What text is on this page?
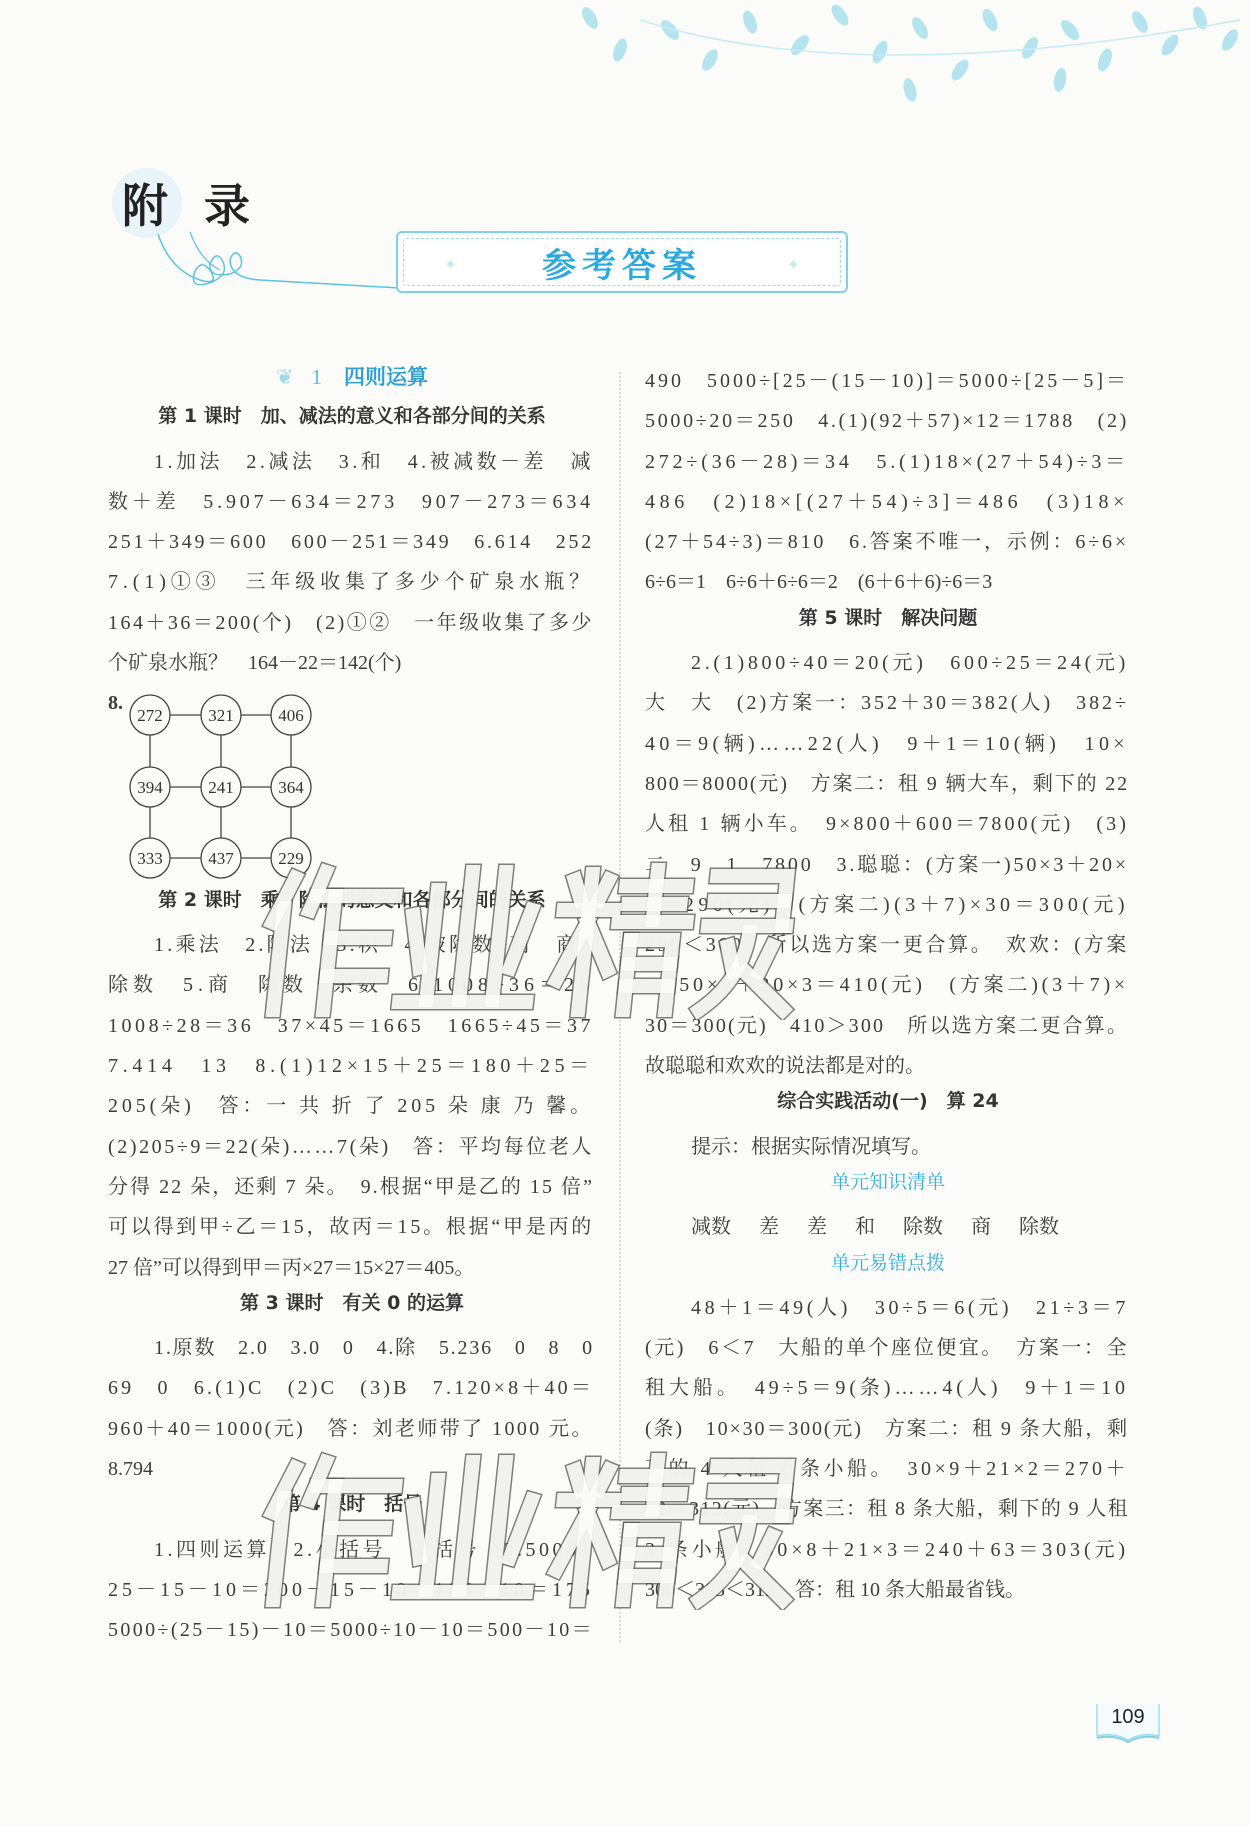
附 录
✦ 参考答案	✦
❦ 1 四则运算
第 1 课时　加、减法的意义和各部分间的关系
1.加法　2.减法　3.和　4.被减数－差　减
数＋差　5.907－634＝273　907－273＝634
251＋349＝600　600－251＝349　6.614　252
7.(1)①③　三年级收集了多少个矿泉水瓶？
164＋36＝200(个)　(2)①②　一年级收集了多少
个矿泉水瓶？　164－22＝142(个)
8.
272	321	406
394	241	364
333	437	229
第 2 课时　乘、除法的意义和各部分间的关系
1.乘法　2.除法　3.积　4.被除数÷商　商×
除数　5.商　除数　余数　6.1008÷36＝28
1008÷28＝36　37×45＝1665　1665÷45＝37
7.414　13　8.(1)12×15＋25＝180＋25＝
205(朵)　答：一 共 折 了 205 朵 康 乃 馨。
(2)205÷9＝22(朵)……7(朵)　答：平均每位老人
分得 22 朵，还剩 7 朵。　9.根据“甲是乙的 15 倍”
可以得到甲÷乙＝15，故丙＝15。根据“甲是丙的
27 倍”可以得到甲＝丙×27＝15×27＝405。
第 3 课时　有关 0 的运算
1.原数　2.0　3.0　0　4.除　5.236　0　8　0
69　0　6.(1)C　(2)C　(3)B　7.120×8＋40＝
960＋40＝1000(元)　答：刘老师带了 1000 元。
8.794
第 4 课时　括号
1.四则运算　2.小括号　中括号　3.5000÷
25－15－10＝200－15－10＝185－10＝175
5000÷(25－15)－10＝5000÷10－10＝500－10＝
490　5000÷[25－(15－10)]＝5000÷[25－5]＝
5000÷20＝250　4.(1)(92＋57)×12＝1788　(2)
272÷(36－28)＝34　5.(1)18×(27＋54)÷3＝
486　(2)18×[(27＋54)÷3]＝486　(3)18×
(27＋54÷3)＝810　6.答案不唯一，示例：6÷6×
6÷6＝1　6÷6＋6÷6＝2　(6＋6＋6)÷6＝3
第 5 课时　解决问题
2.(1)800÷40＝20(元)　600÷25＝24(元)
大　大　(2)方案一：352＋30＝382(人)　382÷
40＝9(辆)……22(人)　9＋1＝10(辆)　10×
800＝8000(元)　方案二：租 9 辆大车，剩下的 22
人租 1 辆小车。　9×800＋600＝7800(元)　(3)
二　9　1　7800　3.聪聪：(方案一)50×3＋20×
7＝290(元)　(方案二)(3＋7)×30＝300(元)
290＜300　所以选方案一更合算。　欢欢：(方案
一)50×7＋20×3＝410(元)　(方案二)(3＋7)×
30＝300(元)　410＞300　所以选方案二更合算。
故聪聪和欢欢的说法都是对的。
综合实践活动(一)　算 24
提示：根据实际情况填写。
单元知识清单
减数 差 差 和 除数 商 除数
单元易错点拨
48＋1＝49(人)　30÷5＝6(元)　21÷3＝7
(元)　6＜7　大船的单个座位便宜。　方案一：全
租大船。　49÷5＝9(条)……4(人)　9＋1＝10
(条)　10×30＝300(元)　方案二：租 9 条大船，剩
下的 4 人租 2 条小船。　30×9＋21×2＝270＋
42＝312(元)　方案三：租 8 条大船，剩下的 9 人租
3 条小船。30×8＋21×3＝240＋63＝303(元)
300＜303＜312　答：租 10 条大船最省钱。
109
